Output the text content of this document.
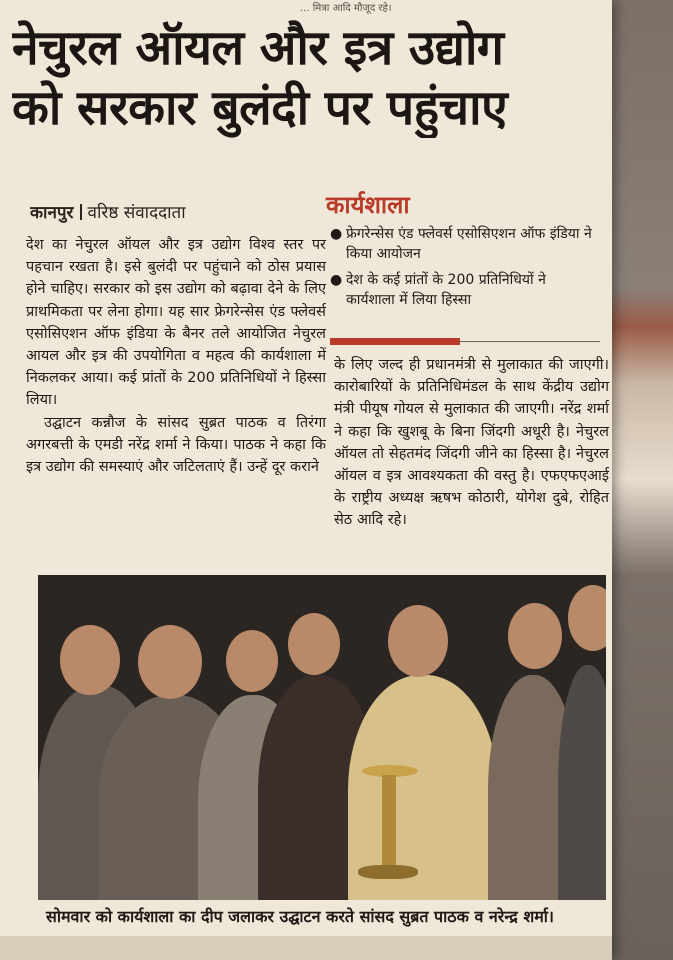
... मित्रा आदि मौजूद रहे।
नेचुरल ऑयल और इत्र उद्योग
को सरकार बुलंदी पर पहुंचाए
कानपुर वरिष्ठ संवाददाता

देश का नेचुरल ऑयल और इत्र उद्योग विश्व स्तर पर पहचान रखता है। इसे बुलंदी पर पहुंचाने को ठोस प्रयास होने चाहिए। सरकार को इस उद्योग को बढ़ावा देने के लिए प्राथमिकता पर लेना होगा। यह सार फ्रेगरेन्सेस एंड फ्लेवर्स एसोसिएशन ऑफ इंडिया के बैनर तले आयोजित नेचुरल आयल और इत्र की उपयोगिता व महत्व की कार्यशाला में निकलकर आया। कई प्रांतों के 200 प्रतिनिधियों ने हिस्सा लिया।

उद्घाटन कन्नौज के सांसद सुब्रत पाठक व तिरंगा अगरबत्ती के एमडी नरेंद्र शर्मा ने किया। पाठक ने कहा कि इत्र उद्योग की समस्याएं और जटिलताएं हैं। उन्हें दूर कराने

कार्यशाला
● फ्रेगरेन्सेस एंड फ्लेवर्स एसोसिएशन ऑफ इंडिया ने किया आयोजन
● देश के कई प्रांतों के 200 प्रतिनिधियों ने कार्यशाला में लिया हिस्सा

के लिए जल्द ही प्रधानमंत्री से मुलाकात की जाएगी। कारोबारियों के प्रतिनिधिमंडल के साथ केंद्रीय उद्योग मंत्री पीयूष गोयल से मुलाकात की जाएगी। नरेंद्र शर्मा ने कहा कि खुशबू के बिना जिंदगी अधूरी है। नेचुरल ऑयल तो सेहतमंद जिंदगी जीने का हिस्सा है। नेचुरल ऑयल व इत्र आवश्यकता की वस्तु है। एफएफएआई के राष्ट्रीय अध्यक्ष ऋषभ कोठारी, योगेश दुबे, रोहित सेठ आदि रहे।

सोमवार को कार्यशाला का दीप जलाकर उद्घाटन करते सांसद सुब्रत पाठक व नरेन्द्र शर्मा।
